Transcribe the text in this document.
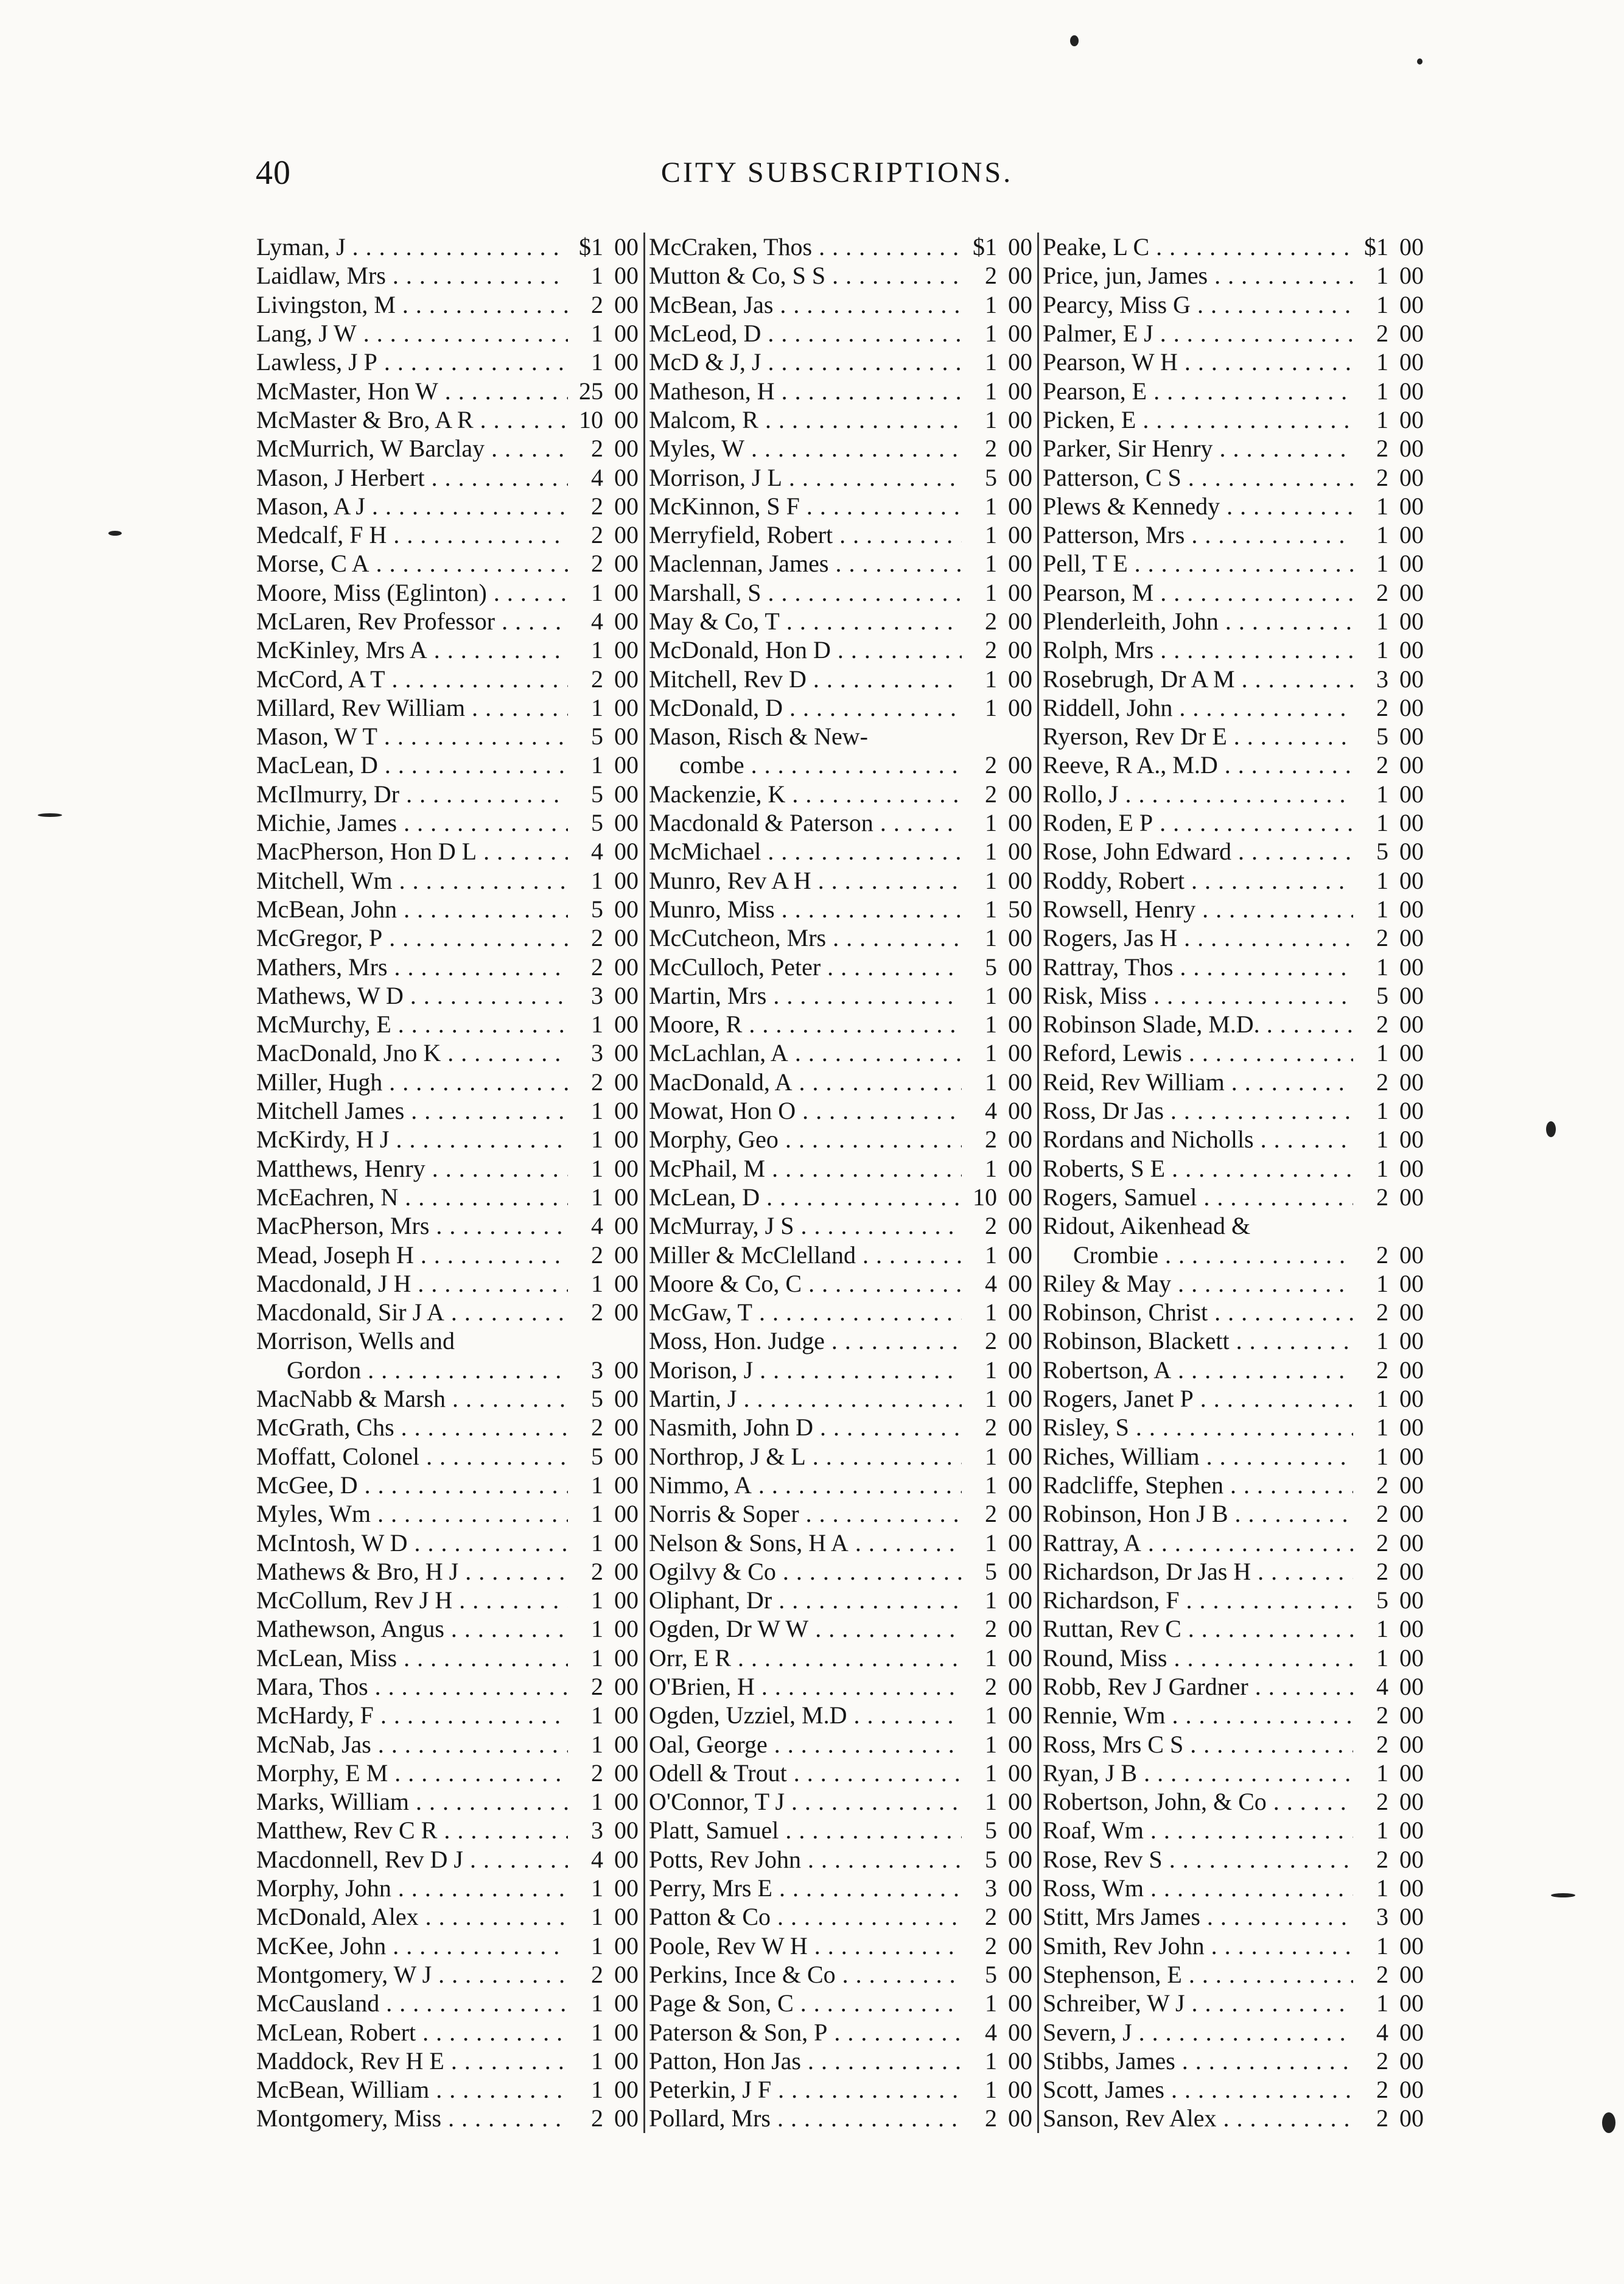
40	CITY SUBSCRIPTIONS.
Lyman, J . . .	$1 00
Laidlaw, Mrs . . .	1 00
Livingston, M . . .	2 00
Lang, J W . . .	1 00
Lawless, J P . . .	1 00
McMaster, Hon W . . .	25 00
McMaster & Bro, A R . . .	10 00
McMurrich, W Barclay . . .	2 00
Mason, J Herbert . . .	4 00
Mason, A J . . .	2 00
Medcalf, F H . . .	2 00
Morse, C A . . .	2 00
Moore, Miss (Eglinton) . . .	1 00
McLaren, Rev Professor . . .	4 00
McKinley, Mrs A . . .	1 00
McCord, A T . . .	2 00
Millard, Rev William . . .	1 00
Mason, W T . . .	5 00
MacLean, D . . .	1 00
McIlmurry, Dr . . .	5 00
Michie, James . . .	5 00
MacPherson, Hon D L . . .	4 00
Mitchell, Wm . . .	1 00
McBean, John . . .	5 00
McGregor, P . . .	2 00
Mathers, Mrs . . .	2 00
Mathews, W D . . .	3 00
McMurchy, E . . .	1 00
MacDonald, Jno K . . .	3 00
Miller, Hugh . . .	2 00
Mitchell James . . .	1 00
McKirdy, H J . . .	1 00
Matthews, Henry . . .	1 00
McEachren, N . . .	1 00
MacPherson, Mrs . . .	4 00
Mead, Joseph H . . .	2 00
Macdonald, J H . . .	1 00
Macdonald, Sir J A . . .	2 00
Morrison, Wells and
Gordon . . .	3 00
MacNabb & Marsh . . .	5 00
McGrath, Chs . . .	2 00
Moffatt, Colonel . . .	5 00
McGee, D . . .	1 00
Myles, Wm . . .	1 00
McIntosh, W D . . .	1 00
Mathews & Bro, H J . . .	2 00
McCollum, Rev J H . . .	1 00
Mathewson, Angus . . .	1 00
McLean, Miss . . .	1 00
Mara, Thos . . .	2 00
McHardy, F . . .	1 00
McNab, Jas . . .	1 00
Morphy, E M . . .	2 00
Marks, William . . .	1 00
Matthew, Rev C R . . .	3 00
Macdonnell, Rev D J . . .	4 00
Morphy, John . . .	1 00
McDonald, Alex . . .	1 00
McKee, John . . .	1 00
Montgomery, W J . . .	2 00
McCausland . . .	1 00
McLean, Robert . . .	1 00
Maddock, Rev H E . . .	1 00
McBean, William . . .	1 00
Montgomery, Miss . . .	2 00
McCraken, Thos . . .	$1 00
Mutton & Co, S S . . .	2 00
McBean, Jas . . .	1 00
McLeod, D . . .	1 00
McD & J, J . . .	1 00
Matheson, H . . .	1 00
Malcom, R . . .	1 00
Myles, W . . .	2 00
Morrison, J L . . .	5 00
McKinnon, S F . . .	1 00
Merryfield, Robert . . .	1 00
Maclennan, James . . .	1 00
Marshall, S . . .	1 00
May & Co, T . . .	2 00
McDonald, Hon D . . .	2 00
Mitchell, Rev D . . .	1 00
McDonald, D . . .	1 00
Mason, Risch & New-
combe . . .	2 00
Mackenzie, K . . .	2 00
Macdonald & Paterson . . .	1 00
McMichael . . .	1 00
Munro, Rev A H . . .	1 00
Munro, Miss . . .	1 50
McCutcheon, Mrs . . .	1 00
McCulloch, Peter . . .	5 00
Martin, Mrs . . .	1 00
Moore, R . . .	1 00
McLachlan, A . . .	1 00
MacDonald, A . . .	1 00
Mowat, Hon O . . .	4 00
Morphy, Geo . . .	2 00
McPhail, M . . .	1 00
McLean, D . . .	10 00
McMurray, J S . . .	2 00
Miller & McClelland . . .	1 00
Moore & Co, C . . .	4 00
McGaw, T . . .	1 00
Moss, Hon. Judge . . .	2 00
Morison, J . . .	1 00
Martin, J . . .	1 00
Nasmith, John D . . .	2 00
Northrop, J & L . . .	1 00
Nimmo, A . . .	1 00
Norris & Soper . . .	2 00
Nelson & Sons, H A . . .	1 00
Ogilvy & Co . . .	5 00
Oliphant, Dr . . .	1 00
Ogden, Dr W W . . .	2 00
Orr, E R . . .	1 00
O'Brien, H . . .	2 00
Ogden, Uzziel, M.D . . .	1 00
Oal, George . . .	1 00
Odell & Trout . . .	1 00
O'Connor, T J . . .	1 00
Platt, Samuel . . .	5 00
Potts, Rev John . . .	5 00
Perry, Mrs E . . .	3 00
Patton & Co . . .	2 00
Poole, Rev W H . . .	2 00
Perkins, Ince & Co . . .	5 00
Page & Son, C . . .	1 00
Paterson & Son, P . . .	4 00
Patton, Hon Jas . . .	1 00
Peterkin, J F . . .	1 00
Pollard, Mrs . . .	2 00
Peake, L C . . .	$1 00
Price, jun, James . . .	1 00
Pearcy, Miss G . . .	1 00
Palmer, E J . . .	2 00
Pearson, W H . . .	1 00
Pearson, E . . .	1 00
Picken, E . . .	1 00
Parker, Sir Henry . . .	2 00
Patterson, C S . . .	2 00
Plews & Kennedy . . .	1 00
Patterson, Mrs . . .	1 00
Pell, T E . . .	1 00
Pearson, M . . .	2 00
Plenderleith, John . . .	1 00
Rolph, Mrs . . .	1 00
Rosebrugh, Dr A M . . .	3 00
Riddell, John . . .	2 00
Ryerson, Rev Dr E . . .	5 00
Reeve, R A., M.D . . .	2 00
Rollo, J . . .	1 00
Roden, E P . . .	1 00
Rose, John Edward . . .	5 00
Roddy, Robert . . .	1 00
Rowsell, Henry . . .	1 00
Rogers, Jas H . . .	2 00
Rattray, Thos . . .	1 00
Risk, Miss . . .	5 00
Robinson Slade, M.D. . . .	2 00
Reford, Lewis . . .	1 00
Reid, Rev William . . .	2 00
Ross, Dr Jas . . .	1 00
Rordans and Nicholls . . .	1 00
Roberts, S E . . .	1 00
Rogers, Samuel . . .	2 00
Ridout, Aikenhead &
Crombie . . .	2 00
Riley & May . . .	1 00
Robinson, Christ . . .	2 00
Robinson, Blackett . . .	1 00
Robertson, A . . .	2 00
Rogers, Janet P . . .	1 00
Risley, S . . .	1 00
Riches, William . . .	1 00
Radcliffe, Stephen . . .	2 00
Robinson, Hon J B . . .	2 00
Rattray, A . . .	2 00
Richardson, Dr Jas H . . .	2 00
Richardson, F . . .	5 00
Ruttan, Rev C . . .	1 00
Round, Miss . . .	1 00
Robb, Rev J Gardner . . .	4 00
Rennie, Wm . . .	2 00
Ross, Mrs C S . . .	2 00
Ryan, J B . . .	1 00
Robertson, John, & Co . . .	2 00
Roaf, Wm . . .	1 00
Rose, Rev S . . .	2 00
Ross, Wm . . .	1 00
Stitt, Mrs James . . .	3 00
Smith, Rev John . . .	1 00
Stephenson, E . . .	2 00
Schreiber, W J . . .	1 00
Severn, J . . .	4 00
Stibbs, James . . .	2 00
Scott, James . . .	2 00
Sanson, Rev Alex . . .	2 00
